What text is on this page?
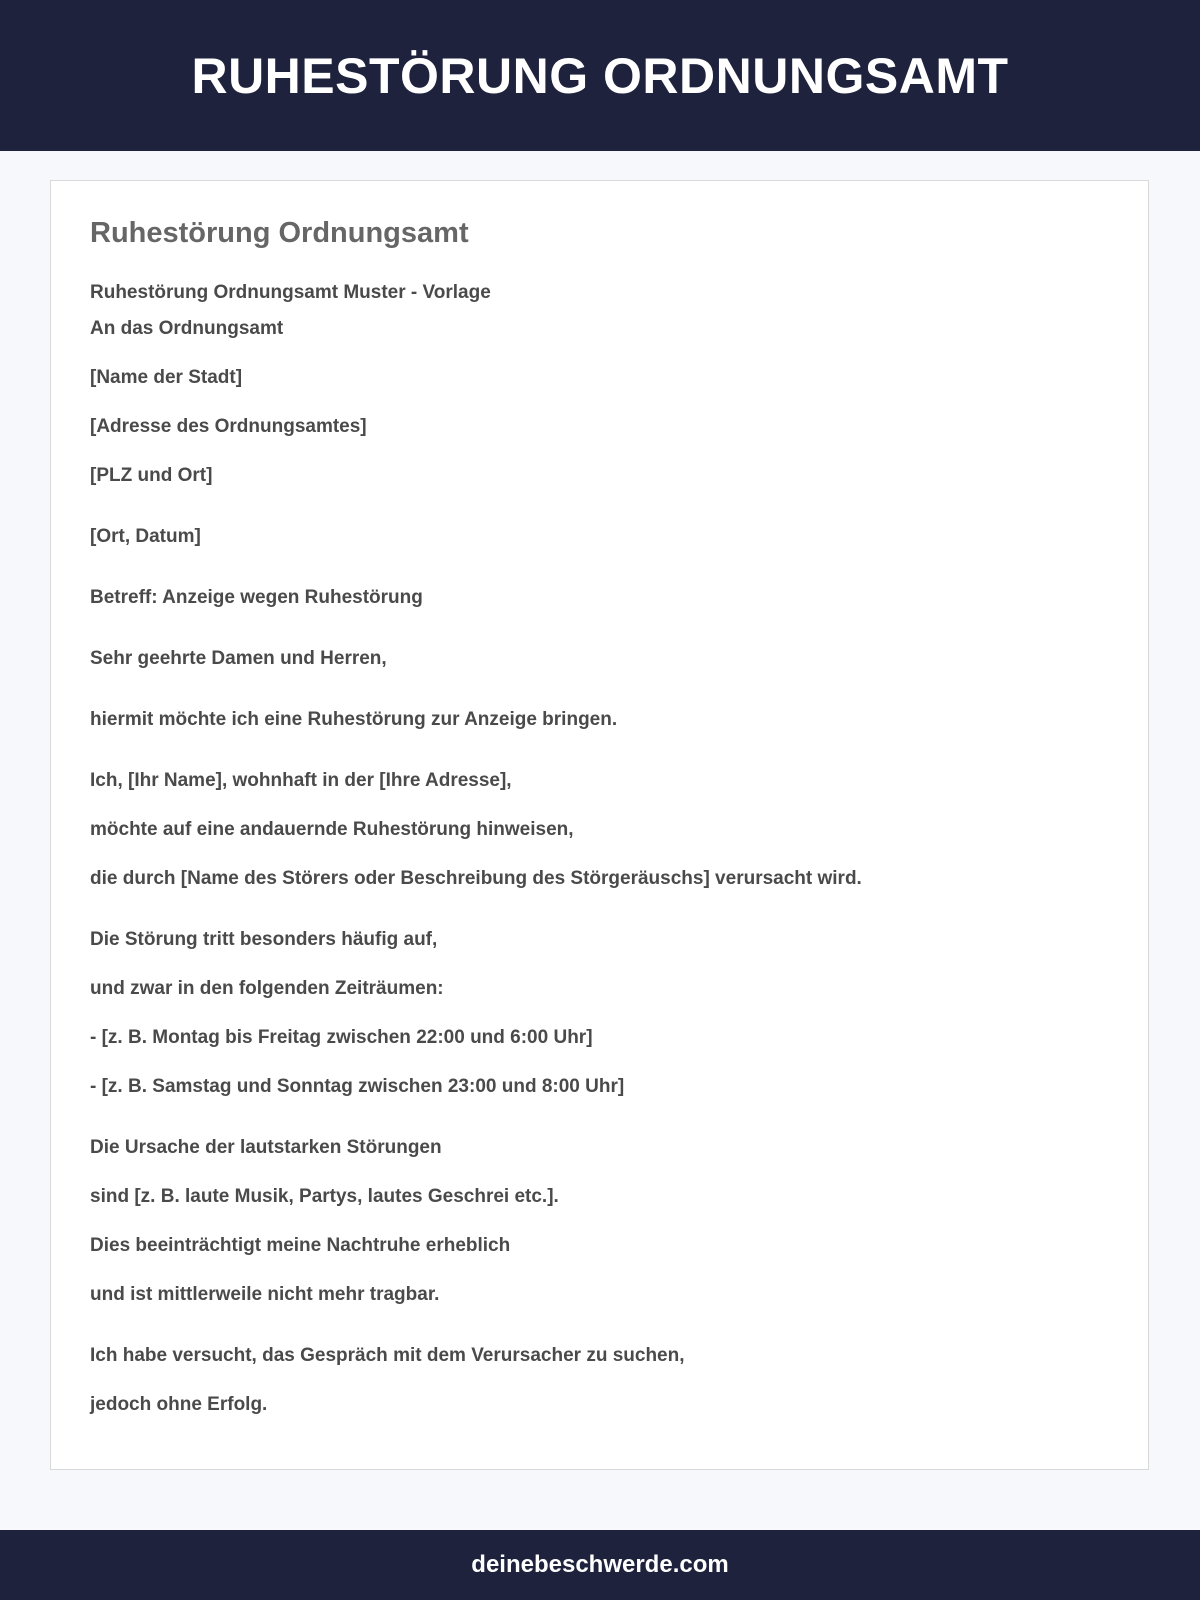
RUHESTÖRUNG ORDNUNGSAMT
Ruhestörung Ordnungsamt

Ruhestörung Ordnungsamt Muster - Vorlage

An das Ordnungsamt

[Name der Stadt]

[Adresse des Ordnungsamtes]

[PLZ und Ort]

[Ort, Datum]

Betreff: Anzeige wegen Ruhestörung

Sehr geehrte Damen und Herren,

hiermit möchte ich eine Ruhestörung zur Anzeige bringen.

Ich, [Ihr Name], wohnhaft in der [Ihre Adresse],

möchte auf eine andauernde Ruhestörung hinweisen,

die durch [Name des Störers oder Beschreibung des Störgeräuschs] verursacht wird.

Die Störung tritt besonders häufig auf,

und zwar in den folgenden Zeiträumen:

- [z. B. Montag bis Freitag zwischen 22:00 und 6:00 Uhr]

- [z. B. Samstag und Sonntag zwischen 23:00 und 8:00 Uhr]

Die Ursache der lautstarken Störungen

sind [z. B. laute Musik, Partys, lautes Geschrei etc.].

Dies beeinträchtigt meine Nachtruhe erheblich

und ist mittlerweile nicht mehr tragbar.

Ich habe versucht, das Gespräch mit dem Verursacher zu suchen,

jedoch ohne Erfolg.

deinebeschwerde.com
